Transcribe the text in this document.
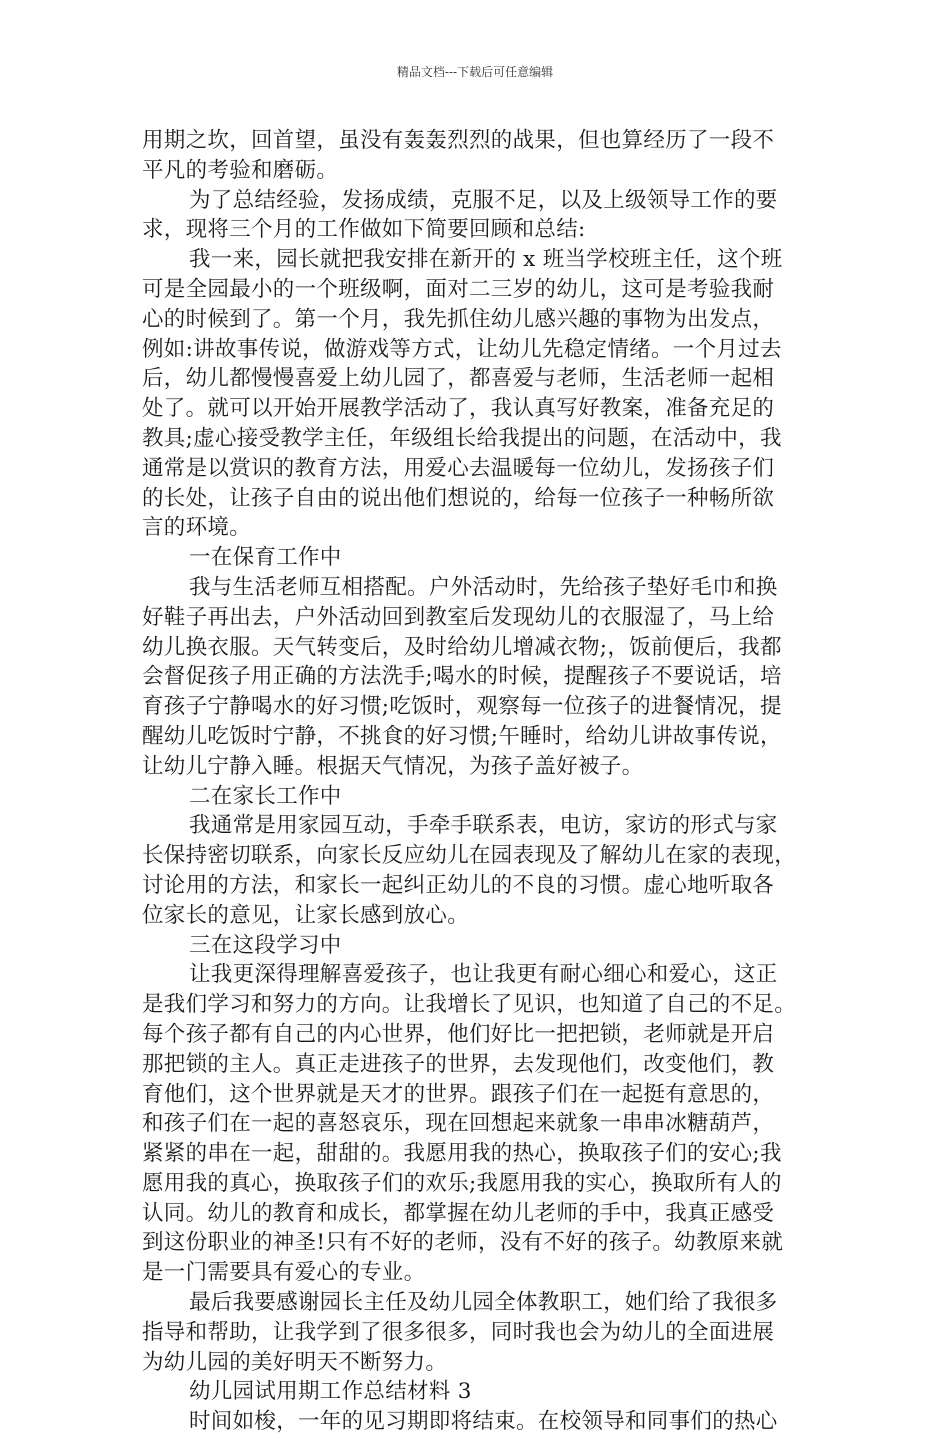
精品文档---下载后可任意编辑
用期之坎，回首望，虽没有轰轰烈烈的战果，但也算经历了一段不
平凡的考验和磨砺。
为了总结经验，发扬成绩，克服不足，以及上级领导工作的要
求，现将三个月的工作做如下简要回顾和总结:
我一来，园长就把我安排在新开的 x 班当学校班主任，这个班
可是全园最小的一个班级啊，面对二三岁的幼儿，这可是考验我耐
心的时候到了。第一个月，我先抓住幼儿感兴趣的事物为出发点，
例如:讲故事传说，做游戏等方式，让幼儿先稳定情绪。一个月过去
后，幼儿都慢慢喜爱上幼儿园了，都喜爱与老师，生活老师一起相
处了。就可以开始开展教学活动了，我认真写好教案，准备充足的
教具;虚心接受教学主任，年级组长给我提出的问题，在活动中，我
通常是以赏识的教育方法，用爱心去温暖每一位幼儿，发扬孩子们
的长处，让孩子自由的说出他们想说的，给每一位孩子一种畅所欲
言的环境。
一在保育工作中
我与生活老师互相搭配。户外活动时，先给孩子垫好毛巾和换
好鞋子再出去，户外活动回到教室后发现幼儿的衣服湿了，马上给
幼儿换衣服。天气转变后，及时给幼儿增减衣物;，饭前便后，我都
会督促孩子用正确的方法洗手;喝水的时候，提醒孩子不要说话，培
育孩子宁静喝水的好习惯;吃饭时，观察每一位孩子的进餐情况，提
醒幼儿吃饭时宁静，不挑食的好习惯;午睡时，给幼儿讲故事传说，
让幼儿宁静入睡。根据天气情况，为孩子盖好被子。
二在家长工作中
我通常是用家园互动，手牵手联系表，电访，家访的形式与家
长保持密切联系，向家长反应幼儿在园表现及了解幼儿在家的表现，
讨论用的方法，和家长一起纠正幼儿的不良的习惯。虚心地听取各
位家长的意见，让家长感到放心。
三在这段学习中
让我更深得理解喜爱孩子，也让我更有耐心细心和爱心，这正
是我们学习和努力的方向。让我增长了见识，也知道了自己的不足。
每个孩子都有自己的内心世界，他们好比一把把锁，老师就是开启
那把锁的主人。真正走进孩子的世界，去发现他们，改变他们，教
育他们，这个世界就是天才的世界。跟孩子们在一起挺有意思的，
和孩子们在一起的喜怒哀乐，现在回想起来就象一串串冰糖葫芦，
紧紧的串在一起，甜甜的。我愿用我的热心，换取孩子们的安心;我
愿用我的真心，换取孩子们的欢乐;我愿用我的实心，换取所有人的
认同。幼儿的教育和成长，都掌握在幼儿老师的手中，我真正感受
到这份职业的神圣!只有不好的老师，没有不好的孩子。幼教原来就
是一门需要具有爱心的专业。
最后我要感谢园长主任及幼儿园全体教职工，她们给了我很多
指导和帮助，让我学到了很多很多，同时我也会为幼儿的全面进展
为幼儿园的美好明天不断努力。
幼儿园试用期工作总结材料 3
时间如梭，一年的见习期即将结束。在校领导和同事们的热心
